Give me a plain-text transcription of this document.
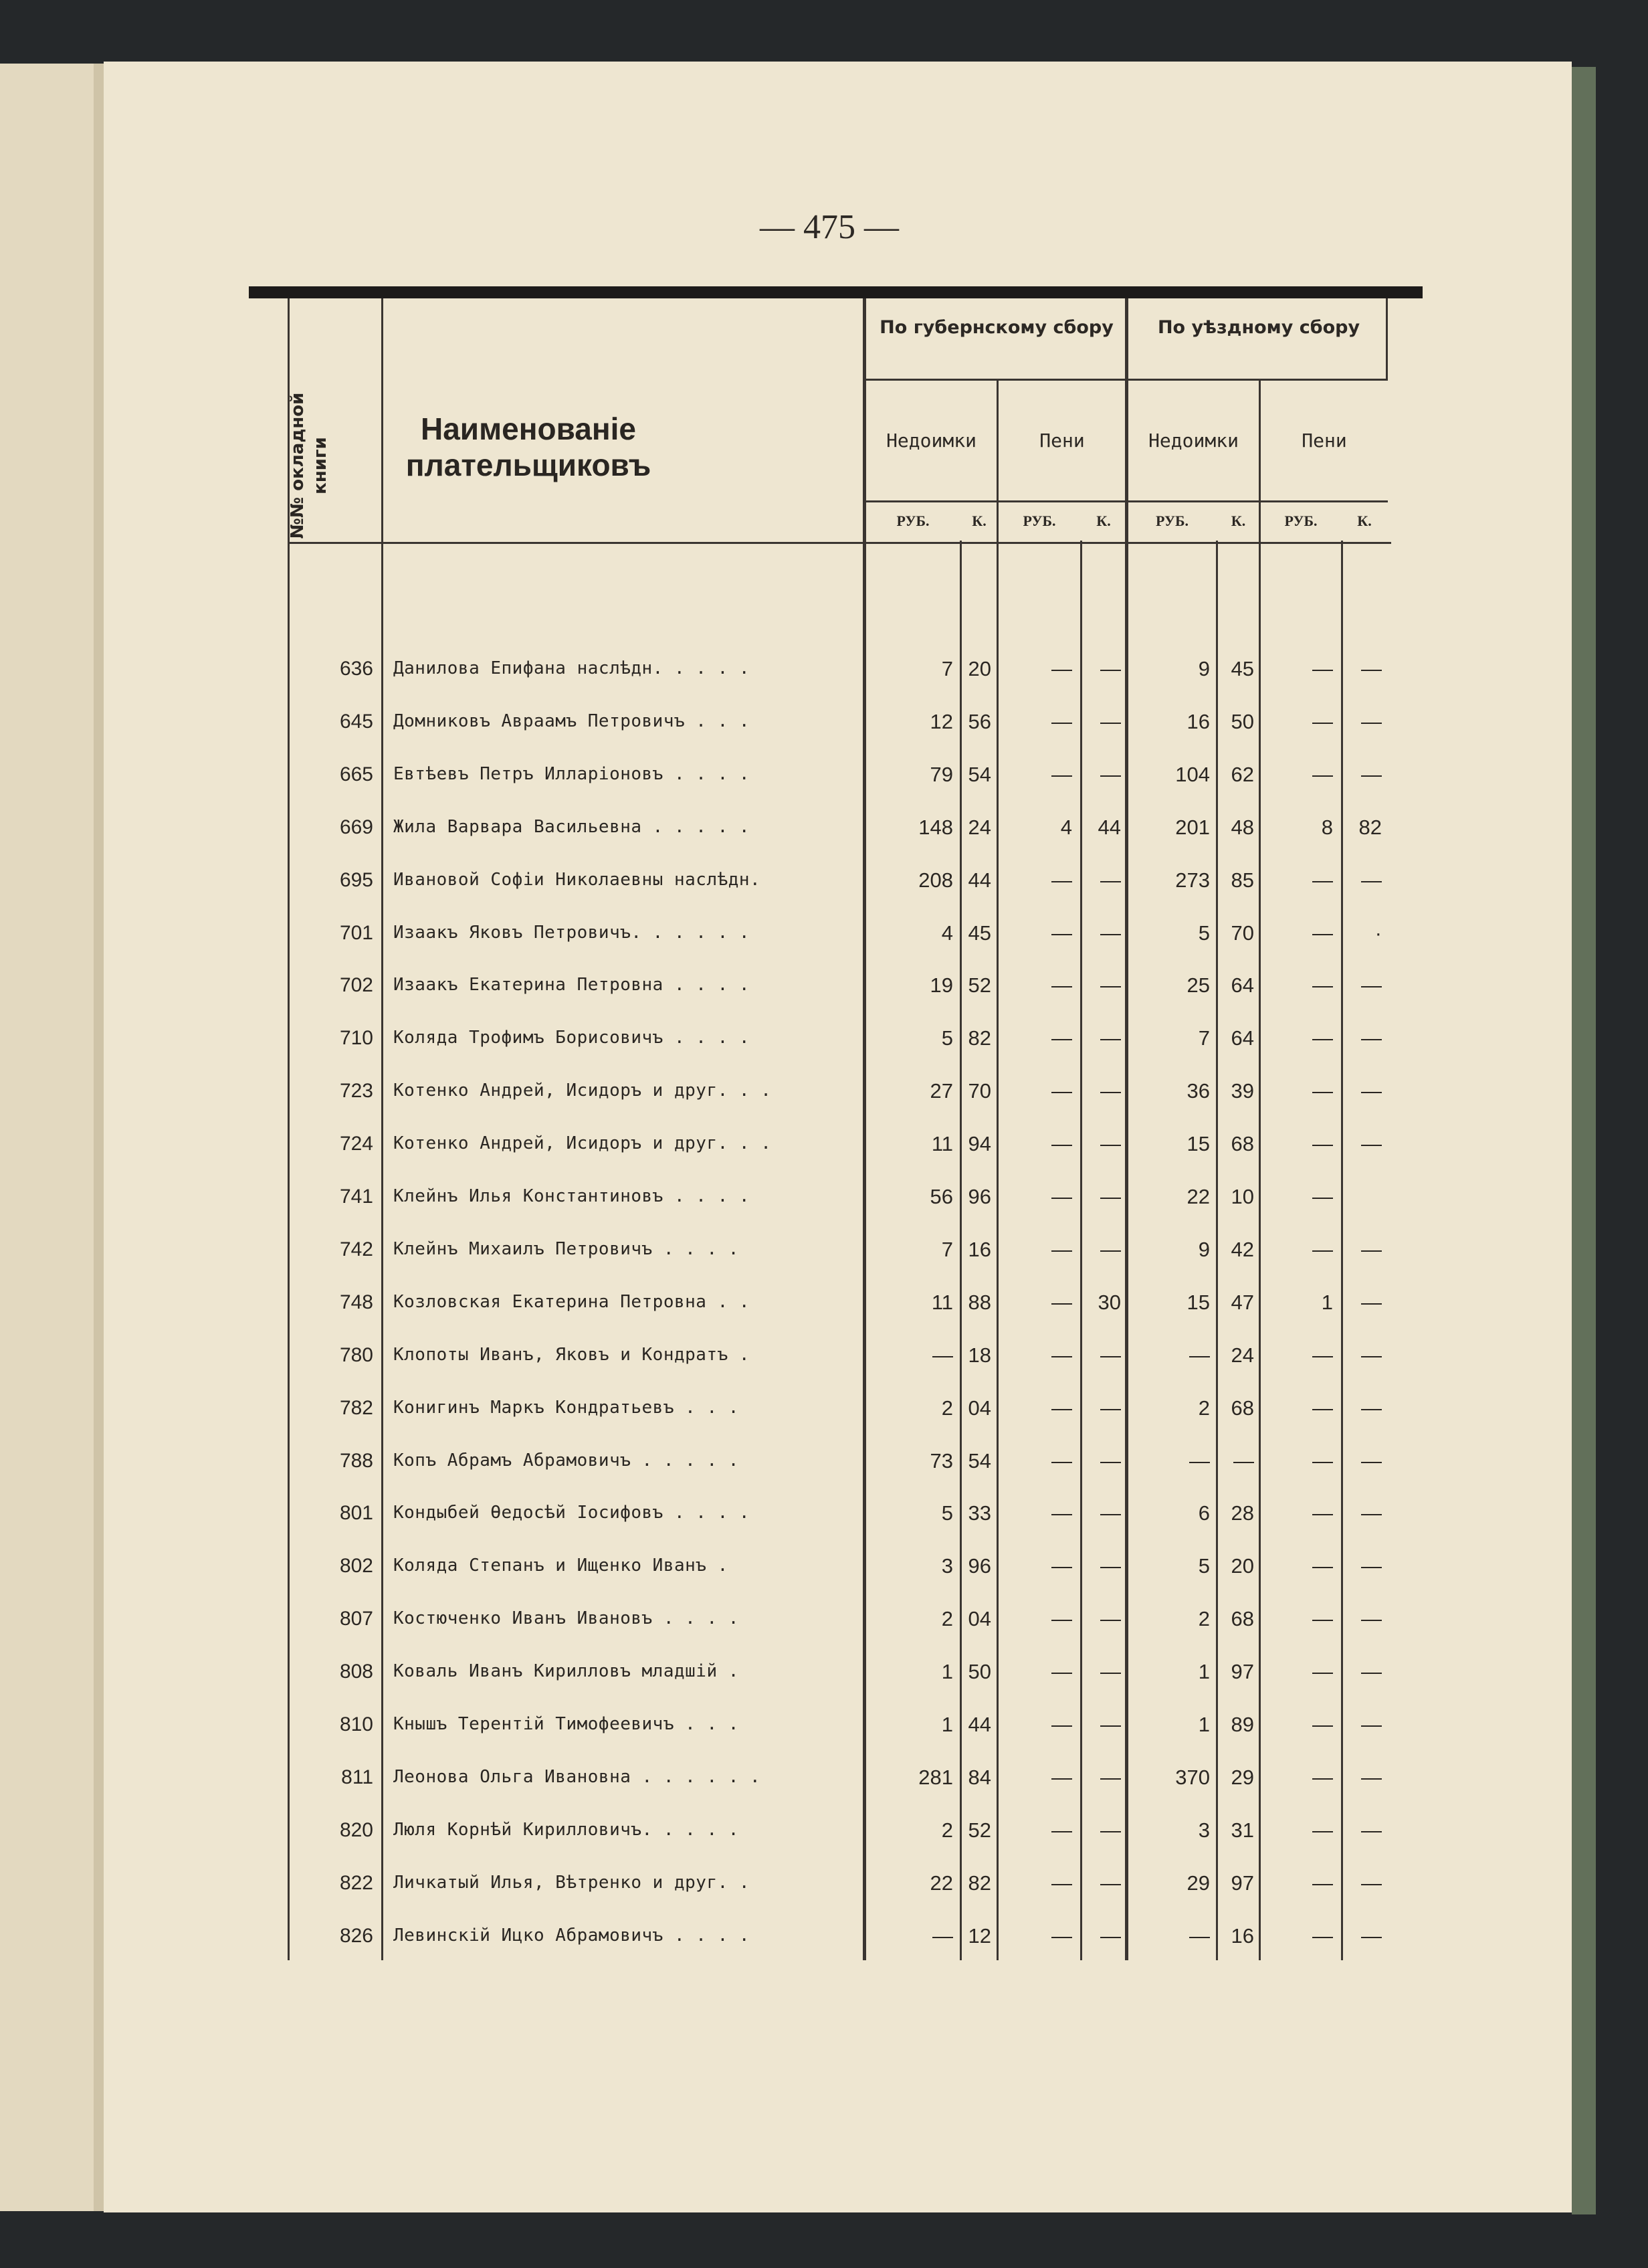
— 475 —
№№ окладной книги
Наименованіе плательщиковъ
По губернскому сбору	По уѣздному сбору
Недоимки	Пени	Недоимки	Пени
РУБ.	К.	РУБ.	К.	РУБ.	К.	РУБ.	К.
636 Данилова Епифана наслѣдн. . . . .	7 20	—	—	9	45	—	—
645 Домниковъ Авраамъ Петровичъ . . .	12 56	—	—	16	50	—	—
665 Евтѣевъ Петръ Илларіоновъ . . . .	79 54	—	—	104	62	—	—
669 Жила Варвара Васильевна . . . . .	148 24	4	44	201	48	8	82
695 Ивановой Софіи Николаевны наслѣдн.	208 44	—	—	273	85	—	—
701 Изаакъ Яковъ Петровичъ. . . . . .	4 45	—	—	5	70	—	·
702 Изаакъ Екатерина Петровна . . . .	19 52	—	—	25	64	—	—
710 Коляда Трофимъ Борисовичъ . . . .	5 82	—	—	7	64	—	—
723 Котенко Андрей, Исидоръ и друг. . .	27 70	—	—	36	39	—	—
724 Котенко Андрей, Исидоръ и друг. . .	11 94	—	—	15	68	—	—
741 Клейнъ Илья Константиновъ . . . .	56 96	—	—	22	10	—
742 Клейнъ Михаилъ Петровичъ . . . .	7 16	—	—	9	42	—	—
748 Козловская Екатерина Петровна . .	11 88	—	30	15	47	1	—
780 Клопоты Иванъ, Яковъ и Кондратъ .	— 18	—	—	—	24	—	—
782 Конигинъ Маркъ Кондратьевъ . . .	2 04	—	—	2	68	—	—
788 Копъ Абрамъ Абрамовичъ . . . . .	73 54	—	—	—	—	—	—
801 Кондыбей Ѳедосѣй Іосифовъ . . . .	5 33	—	—	6	28	—	—
802 Коляда Степанъ и Ищенко Иванъ .	3 96	—	—	5	20	—	—
807 Костюченко Иванъ Ивановъ . . . .	2 04	—	—	2	68	—	—
808 Коваль Иванъ Кирилловъ младшій .	1 50	—	—	1	97	—	—
810 Кнышъ Терентій Тимофеевичъ . . .	1 44	—	—	1	89	—	—
811 Леонова Ольга Ивановна . . . . . .	281 84	—	—	370	29	—	—
820 Люля Корнѣй Кирилловичъ. . . . .	2 52	—	—	3	31	—	—
822 Личкатый Илья, Вѣтренко и друг. .	22 82	—	—	29	97	—	—
826 Левинскій Ицко Абрамовичъ . . . .	— 12	—	—	—	16	—	—
